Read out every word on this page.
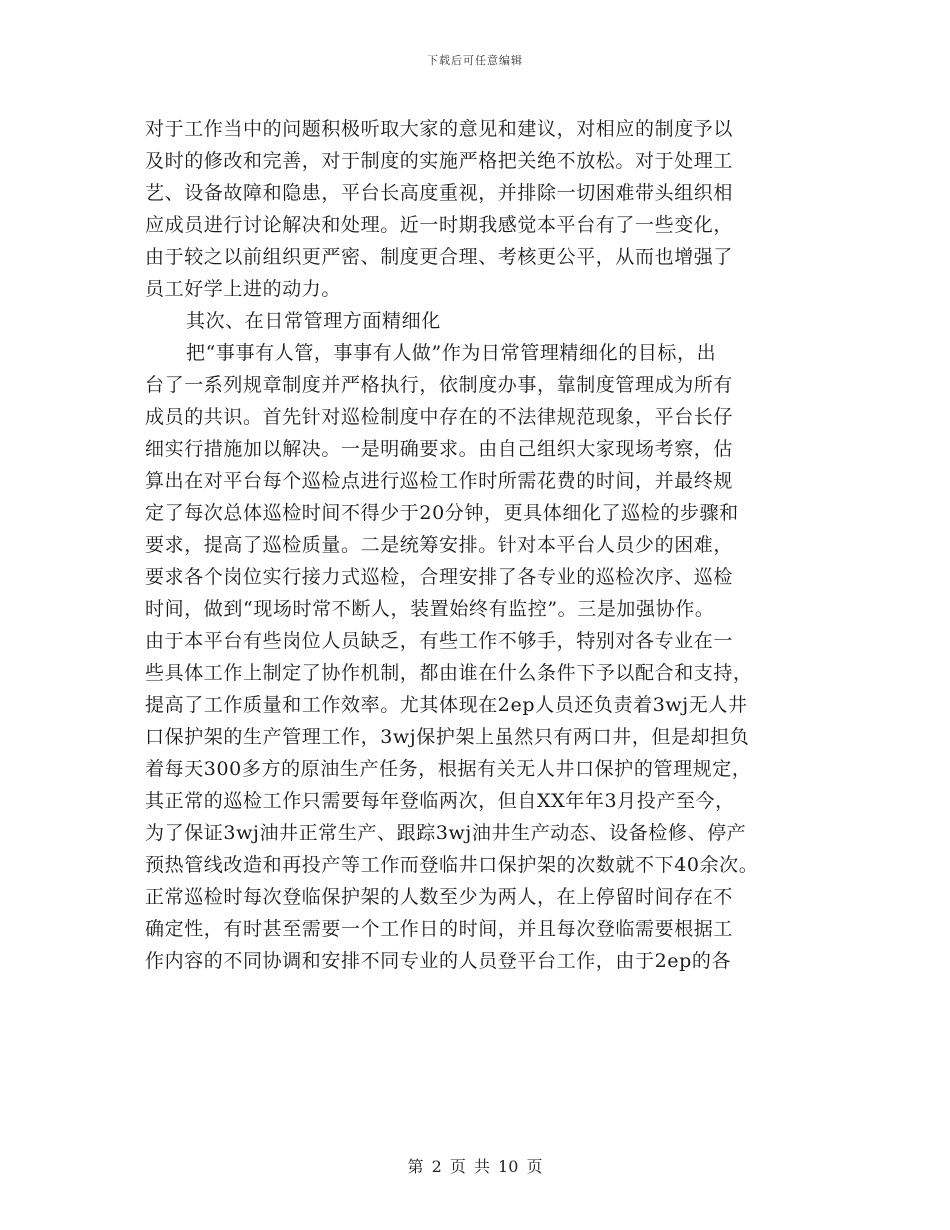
下载后可任意编辑
对于工作当中的问题积极听取大家的意见和建议，对相应的制度予以
及时的修改和完善，对于制度的实施严格把关绝不放松。对于处理工
艺、设备故障和隐患，平台长高度重视，并排除一切困难带头组织相
应成员进行讨论解决和处理。近一时期我感觉本平台有了一些变化，
由于较之以前组织更严密、制度更合理、考核更公平，从而也增强了
员工好学上进的动力。
其次、在日常管理方面精细化
把“事事有人管，事事有人做”作为日常管理精细化的目标，出
台了一系列规章制度并严格执行，依制度办事，靠制度管理成为所有
成员的共识。首先针对巡检制度中存在的不法律规范现象，平台长仔
细实行措施加以解决。一是明确要求。由自己组织大家现场考察，估
算出在对平台每个巡检点进行巡检工作时所需花费的时间，并最终规
定了每次总体巡检时间不得少于20分钟，更具体细化了巡检的步骤和
要求，提高了巡检质量。二是统筹安排。针对本平台人员少的困难，
要求各个岗位实行接力式巡检，合理安排了各专业的巡检次序、巡检
时间，做到“现场时常不断人，装置始终有监控”。三是加强协作。
由于本平台有些岗位人员缺乏，有些工作不够手，特别对各专业在一
些具体工作上制定了协作机制，都由谁在什么条件下予以配合和支持，
提高了工作质量和工作效率。尤其体现在2ep人员还负责着3wj无人井
口保护架的生产管理工作，3wj保护架上虽然只有两口井，但是却担负
着每天300多方的原油生产任务，根据有关无人井口保护的管理规定，
其正常的巡检工作只需要每年登临两次，但自XX年年3月投产至今，
为了保证3wj油井正常生产、跟踪3wj油井生产动态、设备检修、停产
预热管线改造和再投产等工作而登临井口保护架的次数就不下40余次。
正常巡检时每次登临保护架的人数至少为两人，在上停留时间存在不
确定性，有时甚至需要一个工作日的时间，并且每次登临需要根据工
作内容的不同协调和安排不同专业的人员登平台工作，由于2ep的各
第 2 页 共 10 页
